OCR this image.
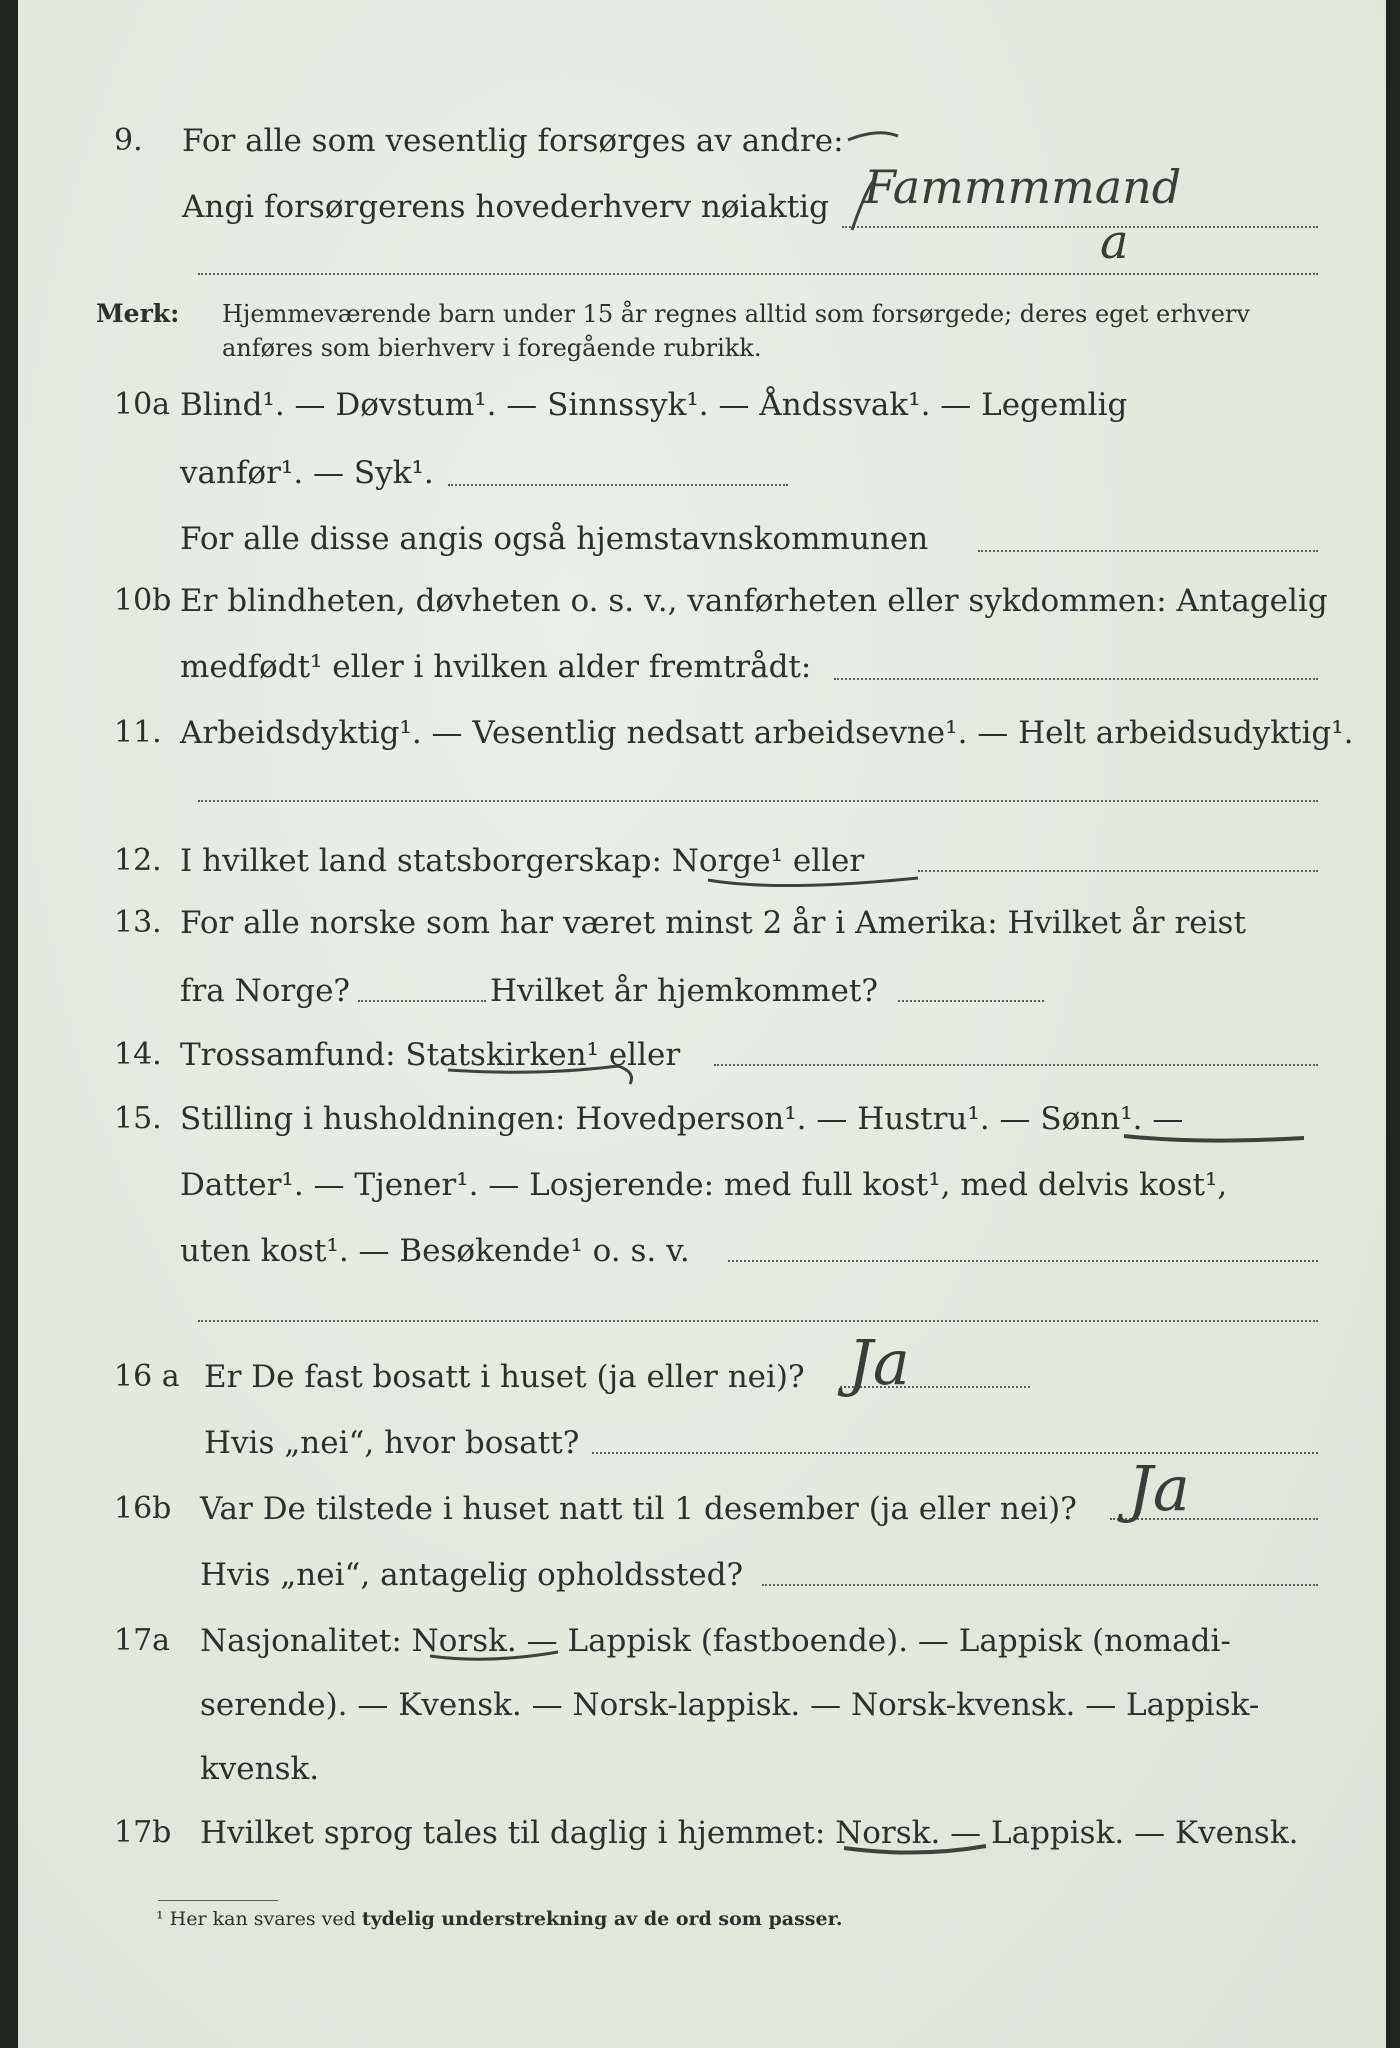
9. For alle som vesentlig forsørges av andre:
Angi forsørgerens hovederhverv nøiaktig Fammmmand
a
Merk: Hjemmeværende barn under 15 år regnes alltid som forsørgede; deres eget erhverv
anføres som bierhverv i foregående rubrikk.
10a Blind¹. — Døvstum¹. — Sinnssyk¹. — Åndssvak¹. — Legemlig
vanfør¹. — Syk¹.
For alle disse angis også hjemstavnskommunen
10b Er blindheten, døvheten o. s. v., vanførheten eller sykdommen: Antagelig
medfødt¹ eller i hvilken alder fremtrådt:
11. Arbeidsdyktig¹. — Vesentlig nedsatt arbeidsevne¹. — Helt arbeidsudyktig¹.
12. I hvilket land statsborgerskap: Norge¹ eller
13. For alle norske som har været minst 2 år i Amerika: Hvilket år reist
fra Norge?	Hvilket år hjemkommet?
14. Trossamfund: Statskirken¹ eller
15. Stilling i husholdningen: Hovedperson¹. — Hustru¹. — Sønn¹. —
Datter¹. — Tjener¹. — Losjerende: med full kost¹, med delvis kost¹,
uten kost¹. — Besøkende¹ o. s. v.
16 a Er De fast bosatt i huset (ja eller nei)? Ja
Hvis „nei“, hvor bosatt?
16b Var De tilstede i huset natt til 1 desember (ja eller nei)? Ja
Hvis „nei“, antagelig opholdssted?
17a Nasjonalitet: Norsk. — Lappisk (fastboende). — Lappisk (nomadi-
serende). — Kvensk. — Norsk-lappisk. — Norsk-kvensk. — Lappisk-
kvensk.
17b Hvilket sprog tales til daglig i hjemmet: Norsk. — Lappisk. — Kvensk.
¹ Her kan svares ved tydelig understrekning av de ord som passer.
